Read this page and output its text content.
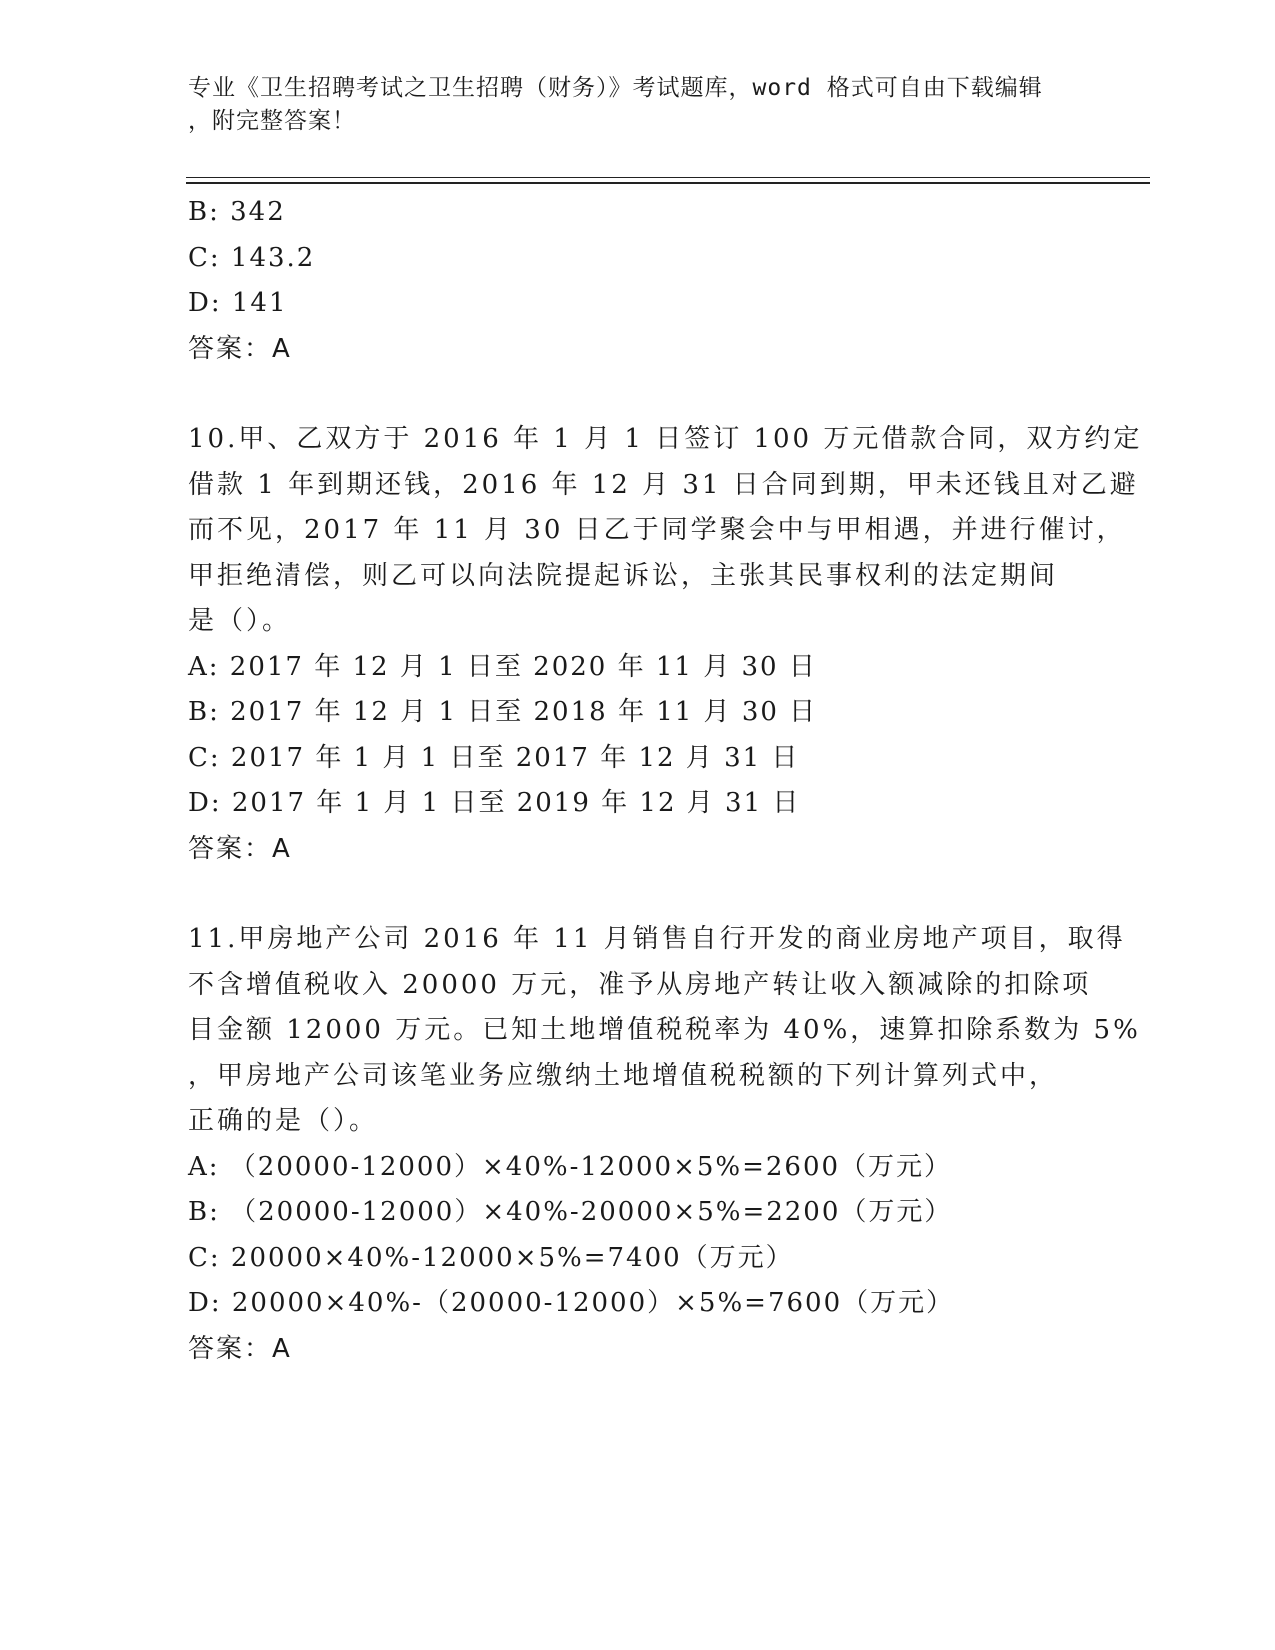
专业《卫生招聘考试之卫生招聘（财务）》考试题库，word 格式可自由下载编辑
，附完整答案！
B: 342
C: 143.2
D: 141
答案：A
10.甲、乙双方于 2016 年 1 月 1 日签订 100 万元借款合同，双方约定
借款 1 年到期还钱，2016 年 12 月 31 日合同到期，甲未还钱且对乙避
而不见，2017 年 11 月 30 日乙于同学聚会中与甲相遇，并进行催讨，
甲拒绝清偿，则乙可以向法院提起诉讼，主张其民事权利的法定期间
是（）。
A: 2017 年 12 月 1 日至 2020 年 11 月 30 日
B: 2017 年 12 月 1 日至 2018 年 11 月 30 日
C: 2017 年 1 月 1 日至 2017 年 12 月 31 日
D: 2017 年 1 月 1 日至 2019 年 12 月 31 日
答案：A
11.甲房地产公司 2016 年 11 月销售自行开发的商业房地产项目，取得
不含增值税收入 20000 万元，准予从房地产转让收入额减除的扣除项
目金额 12000 万元。已知土地增值税税率为 40%，速算扣除系数为 5%
，甲房地产公司该笔业务应缴纳土地增值税税额的下列计算列式中，
正确的是（）。
A: （20000-12000）×40%-12000×5%=2600（万元）
B: （20000-12000）×40%-20000×5%=2200（万元）
C: 20000×40%-12000×5%=7400（万元）
D: 20000×40%-（20000-12000）×5%=7600（万元）
答案：A
